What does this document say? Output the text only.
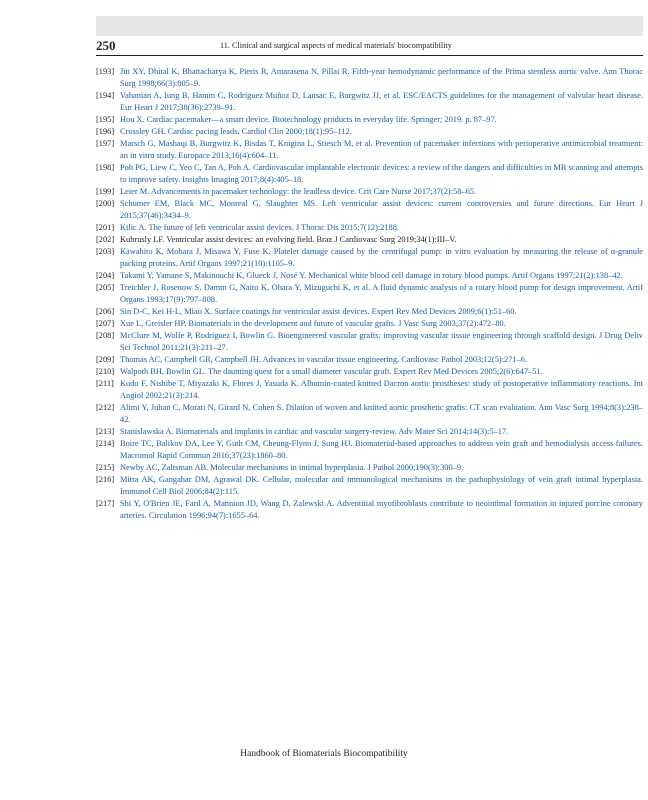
250	11. Clinical and surgical aspects of medical materials' biocompatibility
[193] Jin XY, Dhital K, Bhattacharya K, Pieris R, Amarasena N, Pillai R. Fifth-year hemodynamic performance of the Prima stentless aortic valve. Ann Thorac Surg 1998;66(3):805–9.
[194] Vahanian A, Iung B, Hamm C, Rodriguez Muñoz D, Lansac E, Burgwitz JJ, et al. ESC/EACTS guidelines for the management of valvular heart disease. Eur Heart J 2017;38(36):2739–91.
[195] Hou X. Cardiac pacemaker—a smart device. Biotechnology products in everyday life. Springer; 2019. p. 87–97.
[196] Crossley GH. Cardiac pacing leads. Cardiol Clin 2000;18(1):95–112.
[197] Marsch G, Mashaqi B, Burgwitz K, Bisdas T, Knigina L, Stiesch M, et al. Prevention of pacemaker infections with perioperative antimicrobial treatment: an in vitro study. Europace 2013;16(4):604–11.
[198] Poh PG, Liew C, Yeo C, Tan A, Poh A. Cardiovascular implantable electronic devices: a review of the dangers and difficulties in MR scanning and attempts to improve safety. Insights Imaging 2017;8(4):405–18.
[199] Leier M. Advancements in pacemaker technology: the leadless device. Crit Care Nurse 2017;37(2):58–65.
[200] Schumer EM, Black MC, Monreal G, Slaughter MS. Left ventricular assist devices: current controversies and future directions. Eur Heart J 2015;37(46):3434–9.
[201] Kilic A. The future of left ventricular assist devices. J Thorac Dis 2015;7(12):2188.
[202] Kubrusly LF. Ventricular assist devices: an evolving field. Braz J Cardiovasc Surg 2019;34(1):III–V.
[203] Kawahito K, Mohara J, Misawa Y, Fuse K. Platelet damage caused by the centrifugal pump: in vitro evaluation by measuring the release of α-granule packing proteins. Artif Organs 1997;21(10):1105–9.
[204] Takami Y, Yamane S, Makinouchi K, Glueck J, Nosé Y. Mechanical white blood cell damage in rotary blood pumps. Artif Organs 1997;21(2):138–42.
[205] Treichler J, Rosenow S, Damm G, Naito K, Ohara Y, Mizuguchi K, et al. A fluid dynamic analysis of a rotary blood pump for design improvement. Artif Organs 1993;17(9):797–808.
[206] Sin D-C, Kei H-L, Miao X. Surface coatings for ventricular assist devices. Expert Rev Med Devices 2009;6(1):51–60.
[207] Xue L, Greisler HP. Biomaterials in the development and future of vascular grafts. J Vasc Surg 2003;37(2):472–80.
[208] McClure M, Wolfe P, Rodriguez I, Bowlin G. Bioengineered vascular grafts: improving vascular tissue engineering through scaffold design. J Drug Deliv Sci Technol 2011;21(3):211–27.
[209] Thomas AC, Campbell GR, Campbell JH. Advances in vascular tissue engineering. Cardiovasc Pathol 2003;12(5):271–6.
[210] Walpoth BH, Bowlin GL. The daunting quest for a small diameter vascular graft. Expert Rev Med Devices 2005;2(6):647–51.
[211] Kudo F, Nishibe T, Miyazaki K, Flores J, Yasuda K. Albumin-coated knitted Dacron aortic prostheses: study of postoperative inflammatory reactions. Int Angiol 2002;21(3):214.
[212] Alimi Y, Juhan C, Morati N, Girard N, Cohen S. Dilation of woven and knitted aortic prosthetic grafts: CT scan evaluation. Ann Vasc Surg 1994;8(3):238–42.
[213] Stanislawska A. Biomaterials and implants in cardiac and vascular surgery-review. Adv Mater Sci 2014;14(3):5–17.
[214] Boire TC, Balikov DA, Lee Y, Guth CM, Cheung-Flynn J, Sung HJ. Biomaterial-based approaches to address vein graft and hemodialysis access failures. Macromol Rapid Commun 2016;37(23):1860–80.
[215] Newby AC, Zaltsman AB. Molecular mechanisms in intimal hyperplasia. J Pathol 2000;190(3):300–9.
[216] Mitra AK, Gangahar DM, Agrawal DK. Cellular, molecular and immunological mechanisms in the pathophysiology of vein graft intimal hyperplasia. Immunol Cell Biol 2006;84(2):115.
[217] Shi Y, O'Brien JE, Fard A, Mannion JD, Wang D, Zalewski A. Adventitial myofibroblasts contribute to neointimal formation in injured porcine coronary arteries. Circulation 1996;94(7):1655–64.
Handbook of Biomaterials Biocompatibility
